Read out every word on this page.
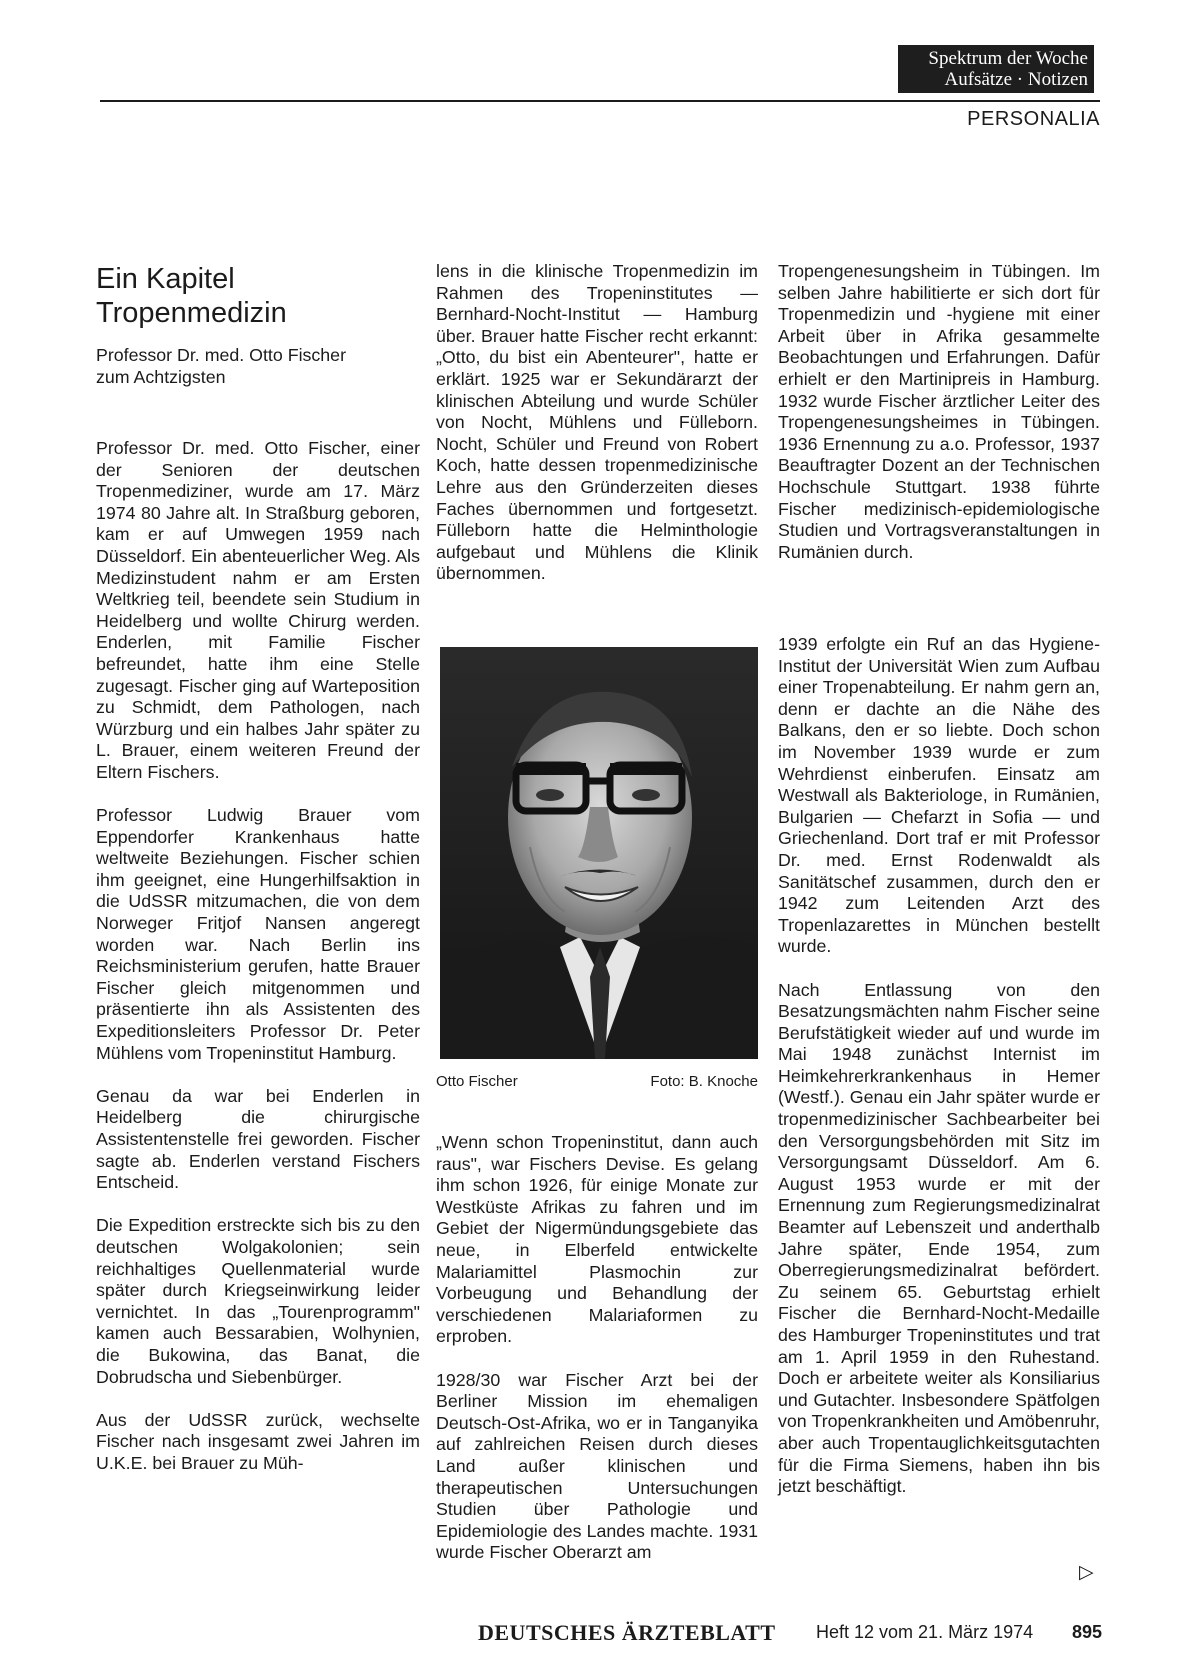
Spektrum der Woche
Aufsätze · Notizen
PERSONALIA
Ein Kapitel
Tropenmedizin
Professor Dr. med. Otto Fischer
zum Achtzigsten

Professor Dr. med. Otto Fischer, einer der Senioren der deutschen Tropenmediziner, wurde am 17. März 1974 80 Jahre alt. In Straßburg geboren, kam er auf Umwegen 1959 nach Düsseldorf. Ein abenteuerlicher Weg. Als Medizinstudent nahm er am Ersten Weltkrieg teil, beendete sein Studium in Heidelberg und wollte Chirurg werden. Enderlen, mit Familie Fischer befreundet, hatte ihm eine Stelle zugesagt. Fischer ging auf Warteposition zu Schmidt, dem Pathologen, nach Würzburg und ein halbes Jahr später zu L. Brauer, einem weiteren Freund der Eltern Fischers.

Professor Ludwig Brauer vom Eppendorfer Krankenhaus hatte weltweite Beziehungen. Fischer schien ihm geeignet, eine Hungerhilfsaktion in die UdSSR mitzumachen, die von dem Norweger Fritjof Nansen angeregt worden war. Nach Berlin ins Reichsministerium gerufen, hatte Brauer Fischer gleich mitgenommen und präsentierte ihn als Assistenten des Expeditionsleiters Professor Dr. Peter Mühlens vom Tropeninstitut Hamburg.

Genau da war bei Enderlen in Heidelberg die chirurgische Assistentenstelle frei geworden. Fischer sagte ab. Enderlen verstand Fischers Entscheid.

Die Expedition erstreckte sich bis zu den deutschen Wolgakolonien; sein reichhaltiges Quellenmaterial wurde später durch Kriegseinwirkung leider vernichtet. In das „Tourenprogramm" kamen auch Bessarabien, Wolhynien, die Bukowina, das Banat, die Dobrudscha und Siebenbürger.

Aus der UdSSR zurück, wechselte Fischer nach insgesamt zwei Jahren im U.K.E. bei Brauer zu Müh-

lens in die klinische Tropenmedizin im Rahmen des Tropeninstitutes — Bernhard-Nocht-Institut — Hamburg über. Brauer hatte Fischer recht erkannt: „Otto, du bist ein Abenteurer", hatte er erklärt. 1925 war er Sekundärarzt der klinischen Abteilung und wurde Schüler von Nocht, Mühlens und Fülleborn. Nocht, Schüler und Freund von Robert Koch, hatte dessen tropenmedizinische Lehre aus den Gründerzeiten dieses Faches übernommen und fortgesetzt. Fülleborn hatte die Helminthologie aufgebaut und Mühlens die Klinik übernommen.

Otto Fischer	Foto: B. Knoche

„Wenn schon Tropeninstitut, dann auch raus", war Fischers Devise. Es gelang ihm schon 1926, für einige Monate zur Westküste Afrikas zu fahren und im Gebiet der Nigermündungsgebiete das neue, in Elberfeld entwickelte Malariamittel Plasmochin zur Vorbeugung und Behandlung der verschiedenen Malariaformen zu erproben.

1928/30 war Fischer Arzt bei der Berliner Mission im ehemaligen Deutsch-Ost-Afrika, wo er in Tanganyika auf zahlreichen Reisen durch dieses Land außer klinischen und therapeutischen Untersuchungen Studien über Pathologie und Epidemiologie des Landes machte. 1931 wurde Fischer Oberarzt am

Tropengenesungsheim in Tübingen. Im selben Jahre habilitierte er sich dort für Tropenmedizin und -hygiene mit einer Arbeit über in Afrika gesammelte Beobachtungen und Erfahrungen. Dafür erhielt er den Martinipreis in Hamburg. 1932 wurde Fischer ärztlicher Leiter des Tropengenesungsheimes in Tübingen. 1936 Ernennung zu a.o. Professor, 1937 Beauftragter Dozent an der Technischen Hochschule Stuttgart. 1938 führte Fischer medizinisch-epidemiologische Studien und Vortragsveranstaltungen in Rumänien durch.

1939 erfolgte ein Ruf an das Hygiene-Institut der Universität Wien zum Aufbau einer Tropenabteilung. Er nahm gern an, denn er dachte an die Nähe des Balkans, den er so liebte. Doch schon im November 1939 wurde er zum Wehrdienst einberufen. Einsatz am Westwall als Bakteriologe, in Rumänien, Bulgarien — Chefarzt in Sofia — und Griechenland. Dort traf er mit Professor Dr. med. Ernst Rodenwaldt als Sanitätschef zusammen, durch den er 1942 zum Leitenden Arzt des Tropenlazarettes in München bestellt wurde.

Nach Entlassung von den Besatzungsmächten nahm Fischer seine Berufstätigkeit wieder auf und wurde im Mai 1948 zunächst Internist im Heimkehrerkrankenhaus in Hemer (Westf.). Genau ein Jahr später wurde er tropenmedizinischer Sachbearbeiter bei den Versorgungsbehörden mit Sitz im Versorgungsamt Düsseldorf. Am 6. August 1953 wurde er mit der Ernennung zum Regierungsmedizinalrat Beamter auf Lebenszeit und anderthalb Jahre später, Ende 1954, zum Oberregierungsmedizinalrat befördert. Zu seinem 65. Geburtstag erhielt Fischer die Bernhard-Nocht-Medaille des Hamburger Tropeninstitutes und trat am 1. April 1959 in den Ruhestand. Doch er arbeitete weiter als Konsiliarius und Gutachter. Insbesondere Spätfolgen von Tropenkrankheiten und Amöbenruhr, aber auch Tropentauglichkeitsgutachten für die Firma Siemens, haben ihn bis jetzt beschäftigt.

▷
DEUTSCHES ÄRZTEBLATT Heft 12 vom 21. März 1974 895
